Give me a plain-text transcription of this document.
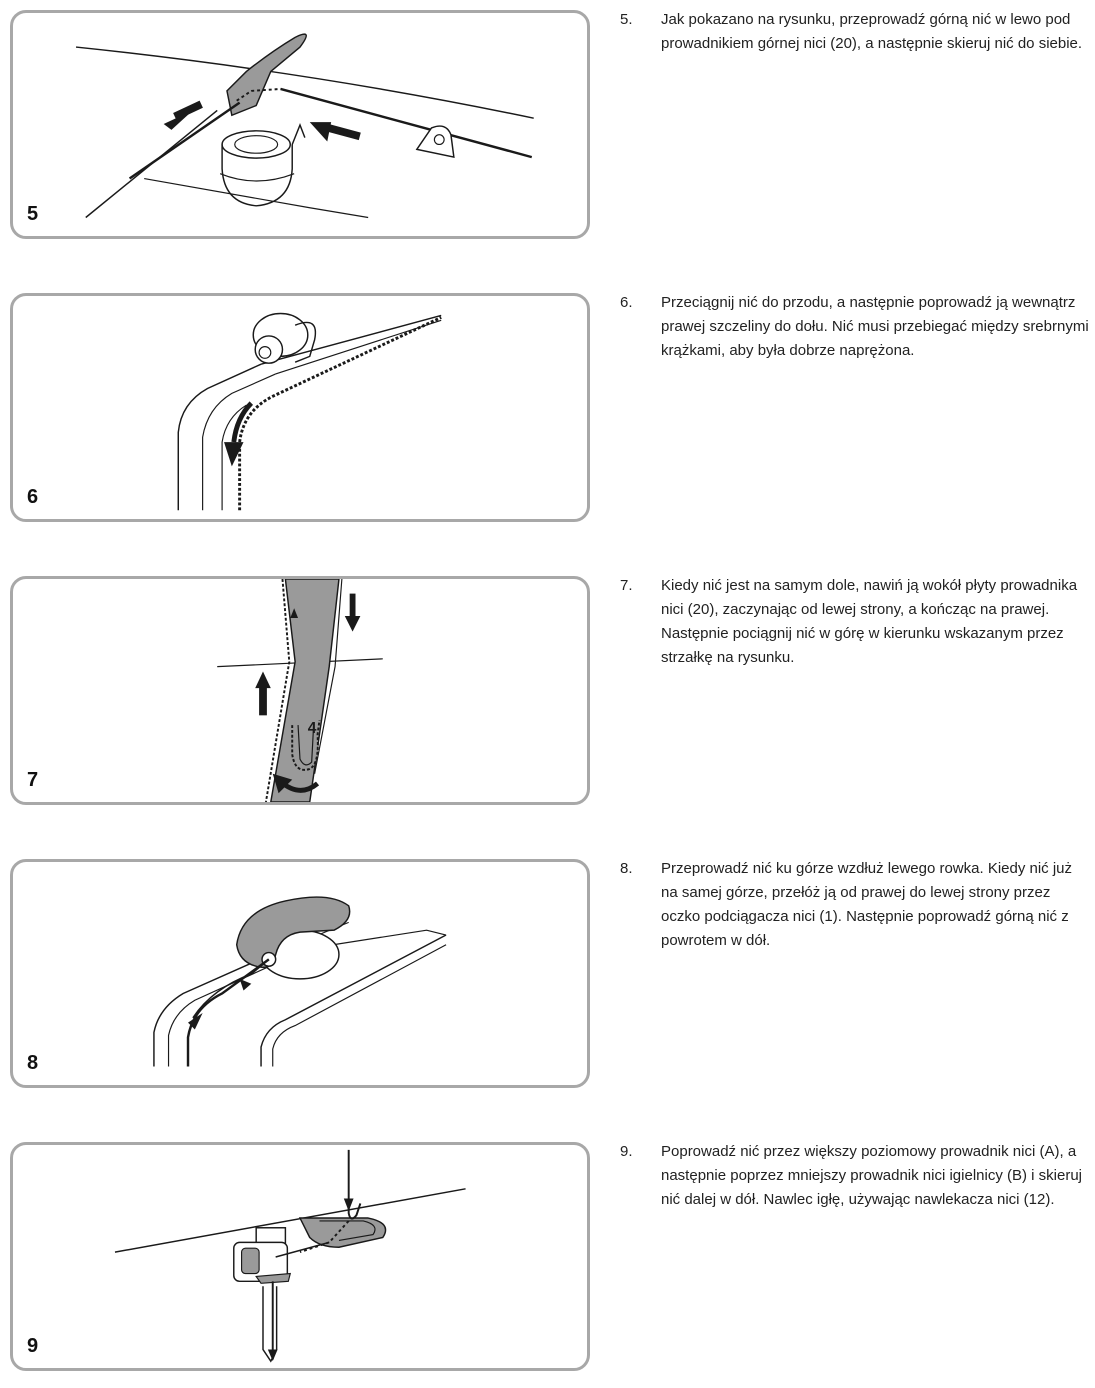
5
6
4
7
8
9
5.	Jak pokazano na rysunku, przeprowadź górną nić w lewo pod prowadnikiem górnej nici (20), a następnie skieruj nić do siebie.
6.	Przeciągnij nić do przodu, a następnie poprowadź ją wewnątrz prawej szczeliny do dołu. Nić musi przebiegać między srebrnymi krążkami, aby była dobrze naprężona.
7.	Kiedy nić jest na samym dole, nawiń ją wokół płyty prowadnika nici (20), zaczynając od lewej strony, a kończąc na prawej. Następnie pociągnij nić w górę w kierunku wskazanym przez strzałkę na rysunku.
8.	Przeprowadź nić ku górze wzdłuż lewego rowka. Kiedy nić już na samej górze, przełóż ją od prawej do lewej strony przez oczko podciągacza nici (1). Następnie poprowadź górną nić z powrotem w dół.
9.	Poprowadź nić przez większy poziomowy prowadnik nici (A), a następnie poprzez mniejszy prowadnik nici igielnicy (B) i skieruj nić dalej w dół. Nawlec igłę, używając nawlekacza nici (12).
